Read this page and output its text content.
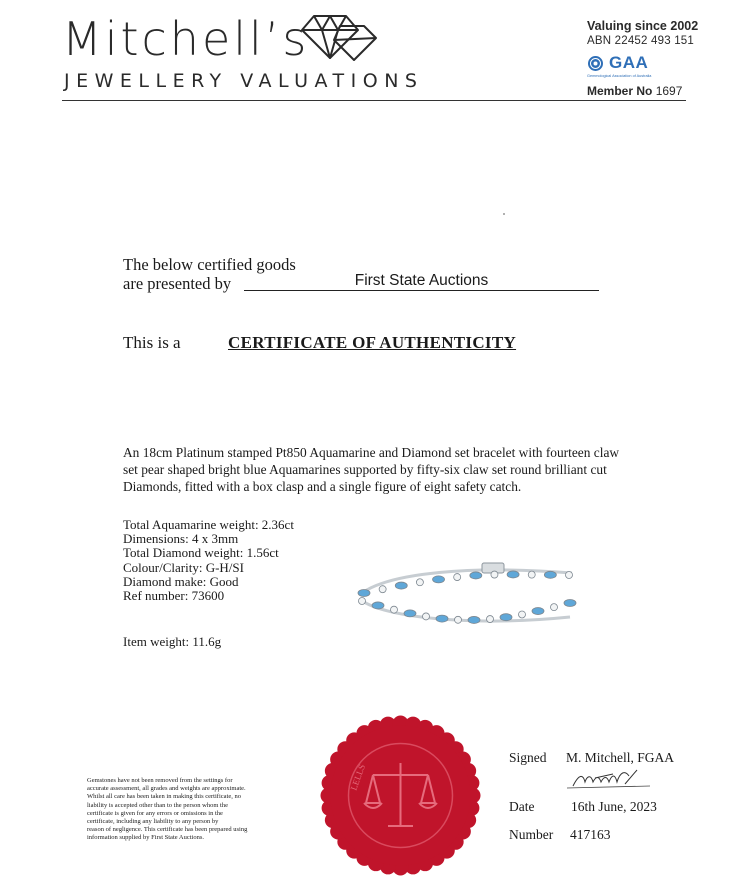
Mitchell’s
JEWELLERY VALUATIONS
Valuing since 2002
ABN 22452 493 151
GAA
Gemmological Association of Australia
Member No 1697
The below certified goods
are presented by	First State Auctions
This is a	CERTIFICATE OF AUTHENTICITY
An 18cm Platinum stamped Pt850 Aquamarine and Diamond set bracelet with fourteen claw set pear shaped bright blue Aquamarines supported by fifty-six claw set round brilliant cut Diamonds, fitted with a box clasp and a single figure of eight safety catch.
Total Aquamarine weight: 2.36ct
Dimensions: 4 x 3mm
Total Diamond weight: 1.56ct
Colour/Clarity: G-H/SI
Diamond make: Good
Ref number: 73600
Item weight: 11.6g
LELLS
Gemstones have not been removed from the settings for
accurate assessment, all grades and weights are approximate.
Whilst all care has been taken in making this certificate, no
liability is accepted other than to the person whom the
certificate is given for any errors or omissions in the
certificate, including any liability to any person by
reason of negligence. This certificate has been prepared using
information supplied by First State Auctions.
Signed M. Mitchell, FGAA
Date	16th June, 2023
Number 417163
